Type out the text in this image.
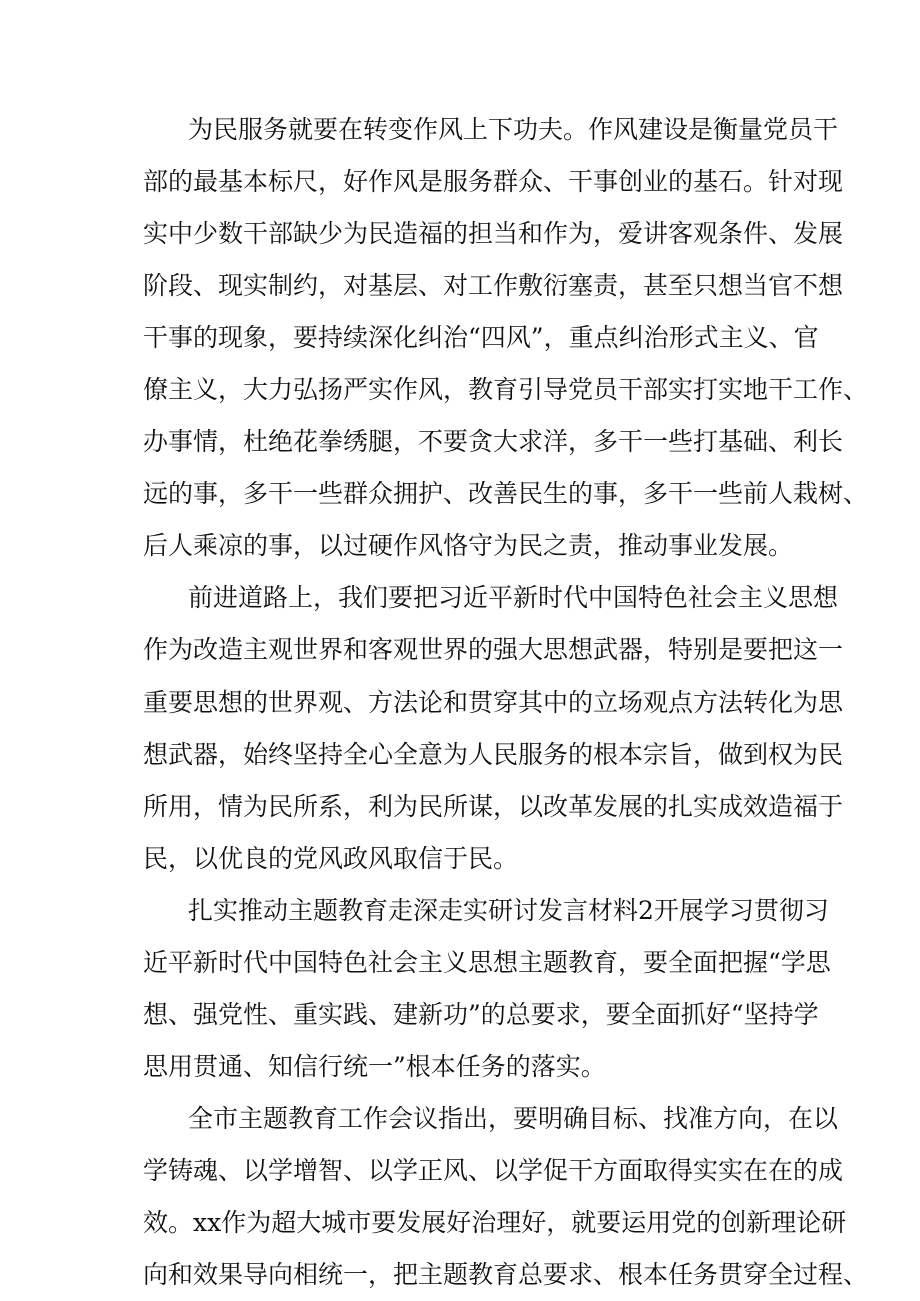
为民服务就要在转变作风上下功夫。作风建设是衡量党员干
部的最基本标尺，好作风是服务群众、干事创业的基石。针对现
实中少数干部缺少为民造福的担当和作为，爱讲客观条件、发展
阶段、现实制约，对基层、对工作敷衍塞责，甚至只想当官不想
干事的现象，要持续深化纠治“四风”，重点纠治形式主义、官
僚主义，大力弘扬严实作风，教育引导党员干部实打实地干工作、
办事情，杜绝花拳绣腿，不要贪大求洋，多干一些打基础、利长
远的事，多干一些群众拥护、改善民生的事，多干一些前人栽树、
后人乘凉的事，以过硬作风恪守为民之责，推动事业发展。
前进道路上，我们要把习近平新时代中国特色社会主义思想
作为改造主观世界和客观世界的强大思想武器，特别是要把这一
重要思想的世界观、方法论和贯穿其中的立场观点方法转化为思
想武器，始终坚持全心全意为人民服务的根本宗旨，做到权为民
所用，情为民所系，利为民所谋，以改革发展的扎实成效造福于
民，以优良的党风政风取信于民。
扎实推动主题教育走深走实研讨发言材料2开展学习贯彻习
近平新时代中国特色社会主义思想主题教育，要全面把握“学思
想、强党性、重实践、建新功”的总要求，要全面抓好“坚持学
思用贯通、知信行统一”根本任务的落实。
全市主题教育工作会议指出，要明确目标、找准方向，在以
学铸魂、以学增智、以学正风、以学促干方面取得实实在在的成
效。xx作为超大城市要发展好治理好，就要运用党的创新理论研
向和效果导向相统一，把主题教育总要求、根本任务贯穿全过程、
